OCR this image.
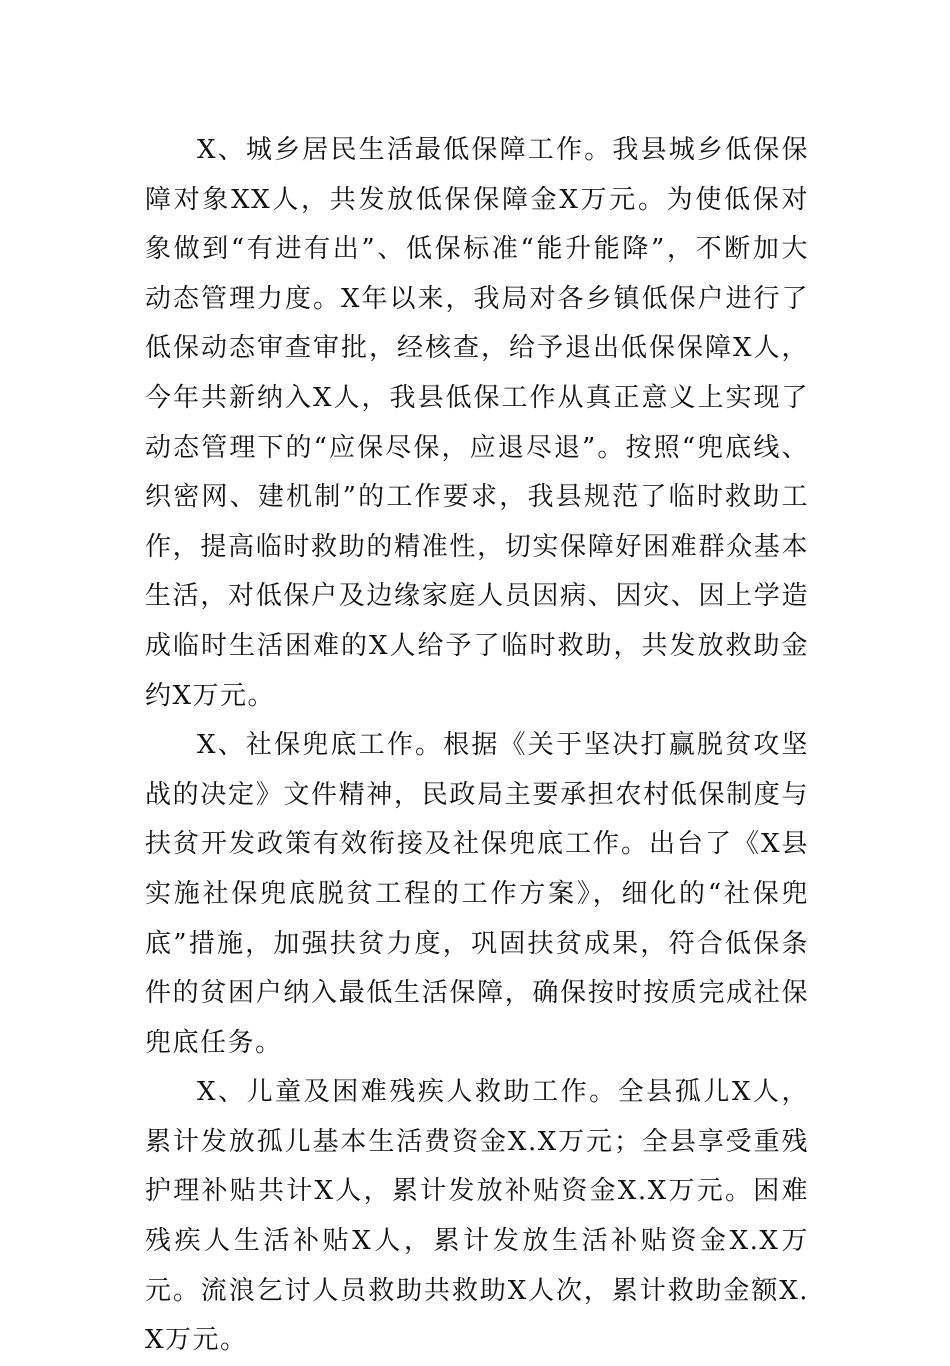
X、城乡居民生活最低保障工作。我县城乡低保保障对象XX人，共发放低保保障金X万元。为使低保对象做到“有进有出”、低保标准“能升能降”，不断加大动态管理力度。X年以来，我局对各乡镇低保户进行了低保动态审查审批，经核查，给予退出低保保障X人，今年共新纳入X人，我县低保工作从真正意义上实现了动态管理下的“应保尽保，应退尽退”。按照“兜底线、织密网、建机制”的工作要求，我县规范了临时救助工作，提高临时救助的精准性，切实保障好困难群众基本生活，对低保户及边缘家庭人员因病、因灾、因上学造成临时生活困难的X人给予了临时救助，共发放救助金约X万元。

X、社保兜底工作。根据《关于坚决打赢脱贫攻坚战的决定》文件精神，民政局主要承担农村低保制度与扶贫开发政策有效衔接及社保兜底工作。出台了《X县实施社保兜底脱贫工程的工作方案》，细化的“社保兜底”措施，加强扶贫力度，巩固扶贫成果，符合低保条件的贫困户纳入最低生活保障，确保按时按质完成社保兜底任务。

X、儿童及困难残疾人救助工作。全县孤儿X人，累计发放孤儿基本生活费资金X.X万元；全县享受重残护理补贴共计X人，累计发放补贴资金X.X万元。困难残疾人生活补贴X人，累计发放生活补贴资金X.X万元。流浪乞讨人员救助共救助X人次，累计救助金额X.X万元。
